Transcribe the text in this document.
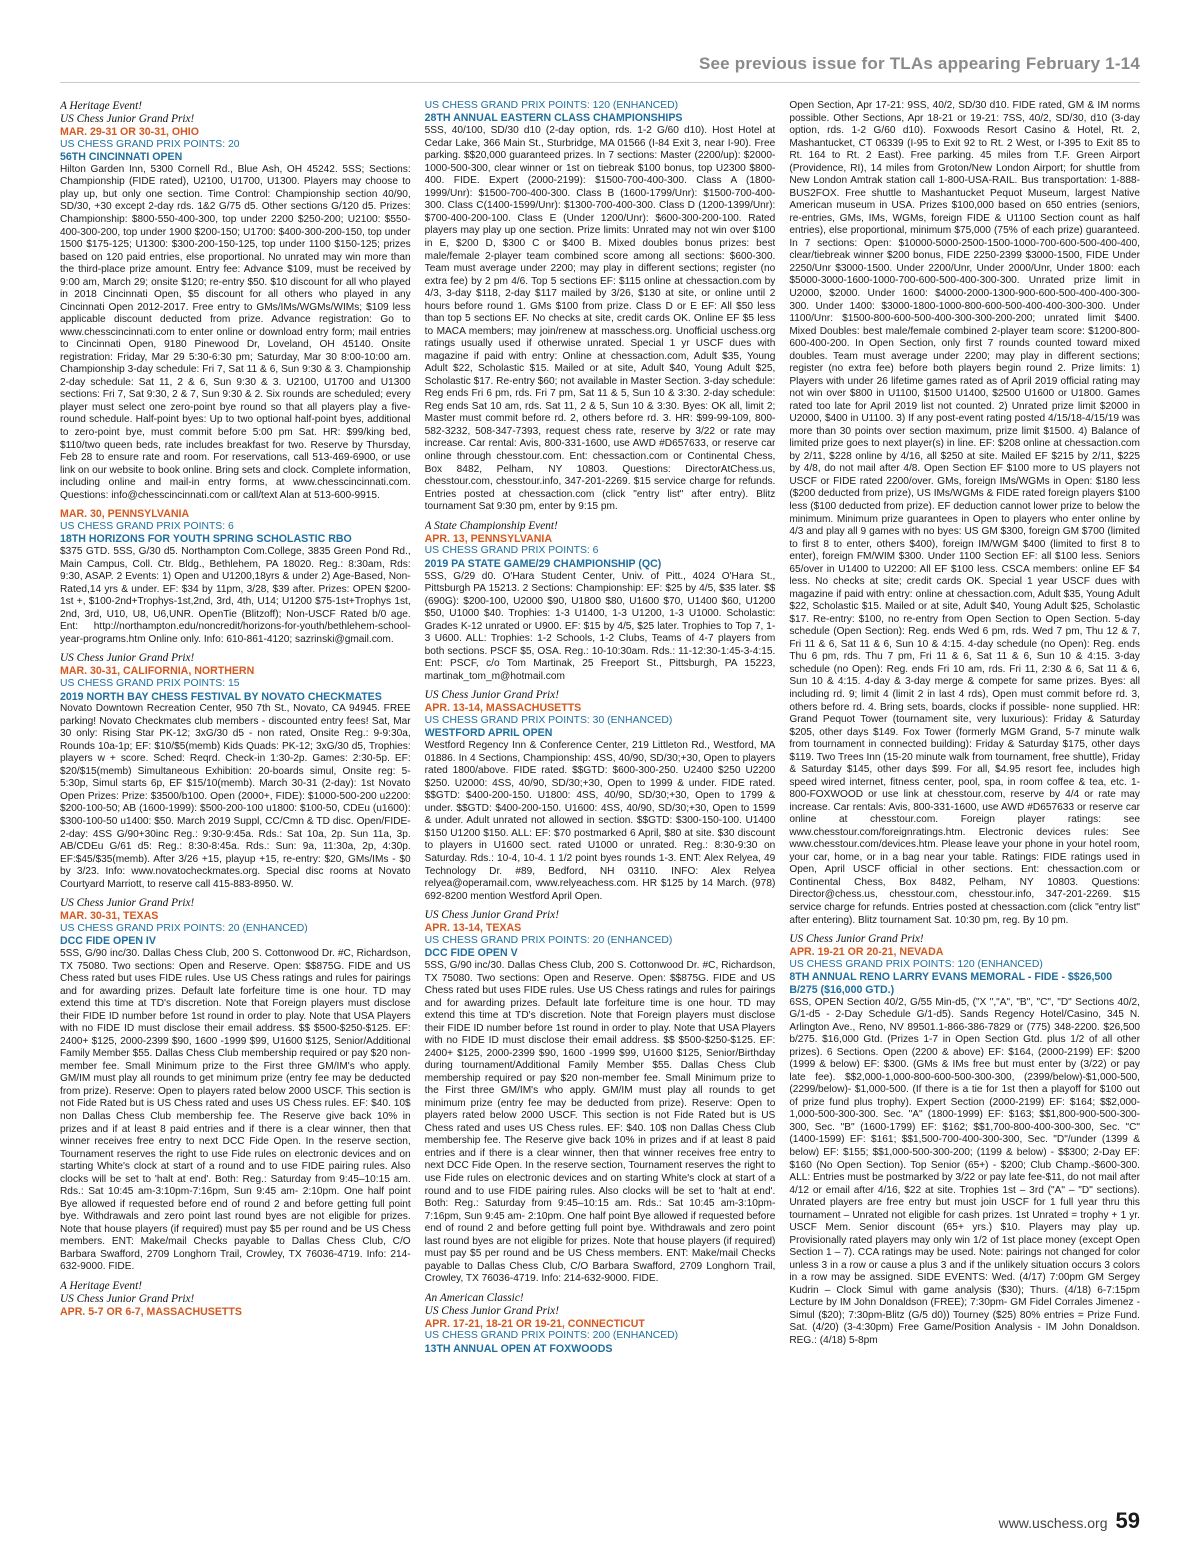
See previous issue for TLAs appearing February 1-14
A Heritage Event!
US Chess Junior Grand Prix!
MAR. 29-31 OR 30-31, OHIO
US CHESS GRAND PRIX POINTS: 20
56TH CINCINNATI OPEN
Hilton Garden Inn, 5300 Cornell Rd., Blue Ash, OH 45242. 5SS; Sections: Championship (FIDE rated), U2100, U1700, U1300. Players may choose to play up, but only one section. Time Control: Championship section 40/90, SD/30, +30 except 2-day rds. 1&2 G/75 d5. Other sections G/120 d5. Prizes: Championship: $800-550-400-300, top under 2200 $250-200; U2100: $550-400-300-200, top under 1900 $200-150; U1700: $400-300-200-150, top under 1500 $175-125; U1300: $300-200-150-125, top under 1100 $150-125; prizes based on 120 paid entries, else proportional. No unrated may win more than the third-place prize amount. Entry fee: Advance $109, must be received by 9:00 am, March 29; onsite $120; re-entry $50. $10 discount for all who played in 2018 Cincinnati Open, $5 discount for all others who played in any Cincinnati Open 2012-2017. Free entry to GMs/IMs/WGMs/WIMs; $109 less applicable discount deducted from prize. Advance registration: Go to www.chesscincinnati.com to enter online or download entry form; mail entries to Cincinnati Open, 9180 Pinewood Dr, Loveland, OH 45140. Onsite registration: Friday, Mar 29 5:30-6:30 pm; Saturday, Mar 30 8:00-10:00 am. Championship 3-day schedule: Fri 7, Sat 11 & 6, Sun 9:30 & 3. Championship 2-day schedule: Sat 11, 2 & 6, Sun 9:30 & 3. U2100, U1700 and U1300 sections: Fri 7, Sat 9:30, 2 & 7, Sun 9:30 & 2. Six rounds are scheduled; every player must select one zero-point bye round so that all players play a five-round schedule. Half-point byes: Up to two optional half-point byes, additional to zero-point bye, must commit before 5:00 pm Sat. HR: $99/king bed, $110/two queen beds, rate includes breakfast for two. Reserve by Thursday, Feb 28 to ensure rate and room. For reservations, call 513-469-6900, or use link on our website to book online. Bring sets and clock. Complete information, including online and mail-in entry forms, at www.chesscincinnati.com. Questions: info@chesscincinnati.com or call/text Alan at 513-600-9915.
MAR. 30, PENNSYLVANIA
US CHESS GRAND PRIX POINTS: 6
18TH HORIZONS FOR YOUTH SPRING SCHOLASTIC RBO
$375 GTD. 5SS, G/30 d5. Northampton Com.College, 3835 Green Pond Rd., Main Campus, Coll. Ctr. Bldg., Bethlehem, PA 18020. Reg.: 8:30am, Rds: 9:30, ASAP. 2 Events: 1) Open and U1200,18yrs & under 2) Age-Based, Non-Rated,14 yrs & under. EF: $34 by 11pm, 3/28, $39 after. Prizes: OPEN $200-1st +, $100-2nd+Trophys-1st,2nd, 3rd, 4th, U14; U1200 $75-1st+Trophys 1st, 2nd, 3rd, U10, U8, U6,UNR. OpenTie (Blitzoff); Non-USCF Rated b/0 age. Ent: http://northampton.edu/noncredit/horizons-for-youth/bethlehem-school-year-programs.htm Online only. Info: 610-861-4120; sazrinski@gmail.com.
US Chess Junior Grand Prix!
MAR. 30-31, CALIFORNIA, NORTHERN
US CHESS GRAND PRIX POINTS: 15
2019 NORTH BAY CHESS FESTIVAL BY NOVATO CHECKMATES
Novato Downtown Recreation Center, 950 7th St., Novato, CA 94945. FREE parking! Novato Checkmates club members - discounted entry fees! Sat, Mar 30 only: Rising Star PK-12; 3xG/30 d5 - non rated, Onsite Reg.: 9-9:30a, Rounds 10a-1p; EF: $10/$5(memb) Kids Quads: PK-12; 3xG/30 d5, Trophies: players w + score. Sched: Reqrd. Check-in 1:30-2p. Games: 2:30-5p. EF: $20/$15(memb) Simultaneous Exhibition: 20-boards simul, Onsite reg: 5-5:30p, Simul starts 6p, EF $15/10(memb). March 30-31 (2-day): 1st Novato Open Prizes: Prize: $3500/b100. Open (2000+, FIDE): $1000-500-200 u2200: $200-100-50; AB (1600-1999): $500-200-100 u1800: $100-50, CDEu (u1600): $300-100-50 u1400: $50. March 2019 Suppl, CC/Cmn & TD disc. Open/FIDE-2-day: 4SS G/90+30inc Reg.: 9:30-9:45a. Rds.: Sat 10a, 2p. Sun 11a, 3p. AB/CDEu G/61 d5: Reg.: 8:30-8:45a. Rds.: Sun: 9a, 11:30a, 2p, 4:30p. EF:$45/$35(memb). After 3/26 +15, playup +15, re-entry: $20, GMs/IMs - $0 by 3/23. Info: www.novatocheckmates.org. Special disc rooms at Novato Courtyard Marriott, to reserve call 415-883-8950. W.
US Chess Junior Grand Prix!
MAR. 30-31, TEXAS
US CHESS GRAND PRIX POINTS: 20 (ENHANCED)
DCC FIDE OPEN IV
5SS, G/90 inc/30. Dallas Chess Club, 200 S. Cottonwood Dr. #C, Richardson, TX 75080. Two sections: Open and Reserve. Open: $$875G. FIDE and US Chess rated but uses FIDE rules. Use US Chess ratings and rules for pairings and for awarding prizes. Default late forfeiture time is one hour. TD may extend this time at TD's discretion. Note that Foreign players must disclose their FIDE ID number before 1st round in order to play. Note that USA Players with no FIDE ID must disclose their email address. $$ $500-$250-$125. EF: 2400+ $125, 2000-2399 $90, 1600 -1999 $99, U1600 $125, Senior/Additional Family Member $55. Dallas Chess Club membership required or pay $20 non-member fee. Small Minimum prize to the First three GM/IM's who apply. GM/IM must play all rounds to get minimum prize (entry fee may be deducted from prize). Reserve: Open to players rated below 2000 USCF. This section is not Fide Rated but is US Chess rated and uses US Chess rules. EF: $40. 10$ non Dallas Chess Club membership fee. The Reserve give back 10% in prizes and if at least 8 paid entries and if there is a clear winner, then that winner receives free entry to next DCC Fide Open. In the reserve section, Tournament reserves the right to use Fide rules on electronic devices and on starting White's clock at start of a round and to use FIDE pairing rules. Also clocks will be set to 'halt at end'. Both: Reg.: Saturday from 9:45–10:15 am. Rds.: Sat 10:45 am-3:10pm-7:16pm, Sun 9:45 am- 2:10pm. One half point Bye allowed if requested before end of round 2 and before getting full point bye. Withdrawals and zero point last round byes are not eligible for prizes. Note that house players (if required) must pay $5 per round and be US Chess members. ENT: Make/mail Checks payable to Dallas Chess Club, C/O Barbara Swafford, 2709 Longhorn Trail, Crowley, TX 76036-4719. Info: 214-632-9000. FIDE.
A Heritage Event!
US Chess Junior Grand Prix!
APR. 5-7 OR 6-7, MASSACHUSETTS
US CHESS GRAND PRIX POINTS: 120 (ENHANCED)
28TH ANNUAL EASTERN CLASS CHAMPIONSHIPS
5SS, 40/100, SD/30 d10 (2-day option, rds. 1-2 G/60 d10). Host Hotel at Cedar Lake, 366 Main St., Sturbridge, MA 01566 (I-84 Exit 3, near I-90). Free parking. $$20,000 guaranteed prizes. In 7 sections: Master (2200/up): $2000-1000-500-300, clear winner or 1st on tiebreak $100 bonus, top U2300 $800-400. FIDE. Expert (2000-2199): $1500-700-400-300. Class A (1800-1999/Unr): $1500-700-400-300. Class B (1600-1799/Unr): $1500-700-400-300. Class C(1400-1599/Unr): $1300-700-400-300. Class D (1200-1399/Unr): $700-400-200-100. Class E (Under 1200/Unr): $600-300-200-100. Rated players may play up one section. Prize limits: Unrated may not win over $100 in E, $200 D, $300 C or $400 B. Mixed doubles bonus prizes: best male/female 2-player team combined score among all sections: $600-300. Team must average under 2200; may play in different sections; register (no extra fee) by 2 pm 4/6. Top 5 sections EF: $115 online at chessaction.com by 4/3, 3-day $118, 2-day $117 mailed by 3/26, $130 at site, or online until 2 hours before round 1. GMs $100 from prize. Class D or E EF: All $50 less than top 5 sections EF. No checks at site, credit cards OK. Online EF $5 less to MACA members; may join/renew at masschess.org. Unofficial uschess.org ratings usually used if otherwise unrated. Special 1 yr USCF dues with magazine if paid with entry: Online at chessaction.com, Adult $35, Young Adult $22, Scholastic $15. Mailed or at site, Adult $40, Young Adult $25, Scholastic $17. Re-entry $60; not available in Master Section. 3-day schedule: Reg ends Fri 6 pm, rds. Fri 7 pm, Sat 11 & 5, Sun 10 & 3:30. 2-day schedule: Reg ends Sat 10 am, rds. Sat 11, 2 & 5, Sun 10 & 3:30. Byes: OK all, limit 2; Master must commit before rd. 2, others before rd. 3. HR: $99-99-109, 800-582-3232, 508-347-7393, request chess rate, reserve by 3/22 or rate may increase. Car rental: Avis, 800-331-1600, use AWD #D657633, or reserve car online through chesstour.com. Ent: chessaction.com or Continental Chess, Box 8482, Pelham, NY 10803. Questions: DirectorAtChess.us, chesstour.com, chesstour.info, 347-201-2269. $15 service charge for refunds. Entries posted at chessaction.com (click "entry list" after entry). Blitz tournament Sat 9:30 pm, enter by 9:15 pm.
A State Championship Event!
APR. 13, PENNSYLVANIA
US CHESS GRAND PRIX POINTS: 6
2019 PA STATE GAME/29 CHAMPIONSHIP (QC)
5SS, G/29 d0. O'Hara Student Center, Univ. of Pitt., 4024 O'Hara St., Pittsburgh PA 15213. 2 Sections: Championship: EF: $25 by 4/5, $35 later. $$ (690G): $200-100, U2000 $90, U1800 $80, U1600 $70, U1400 $60, U1200 $50, U1000 $40. Trophies: 1-3 U1400, 1-3 U1200, 1-3 U1000. Scholastic: Grades K-12 unrated or U900. EF: $15 by 4/5, $25 later. Trophies to Top 7, 1-3 U600. ALL: Trophies: 1-2 Schools, 1-2 Clubs, Teams of 4-7 players from both sections. PSCF $5, OSA. Reg.: 10-10:30am. Rds.: 11-12:30-1:45-3-4:15. Ent: PSCF, c/o Tom Martinak, 25 Freeport St., Pittsburgh, PA 15223, martinak_tom_m@hotmail.com
US Chess Junior Grand Prix!
APR. 13-14, MASSACHUSETTS
US CHESS GRAND PRIX POINTS: 30 (ENHANCED)
WESTFORD APRIL OPEN
Westford Regency Inn & Conference Center, 219 Littleton Rd., Westford, MA 01886. In 4 Sections, Championship: 4SS, 40/90, SD/30;+30, Open to players rated 1800/above. FIDE rated. $$GTD: $600-300-250. U2400 $250 U2200 $250. U2000: 4SS, 40/90, SD/30;+30, Open to 1999 & under. FIDE rated. $$GTD: $400-200-150. U1800: 4SS, 40/90, SD/30;+30, Open to 1799 & under. $$GTD: $400-200-150. U1600: 4SS, 40/90, SD/30;+30, Open to 1599 & under. Adult unrated not allowed in section. $$GTD: $300-150-100. U1400 $150 U1200 $150. ALL: EF: $70 postmarked 6 April, $80 at site. $30 discount to players in U1600 sect. rated U1000 or unrated. Reg.: 8:30-9:30 on Saturday. Rds.: 10-4, 10-4. 1 1/2 point byes rounds 1-3. ENT: Alex Relyea, 49 Technology Dr. #89, Bedford, NH 03110. INFO: Alex Relyea relyea@operamail.com, www.relyeachess.com. HR $125 by 14 March. (978) 692-8200 mention Westford April Open.
US Chess Junior Grand Prix!
APR. 13-14, TEXAS
US CHESS GRAND PRIX POINTS: 20 (ENHANCED)
DCC FIDE OPEN V
5SS, G/90 inc/30. Dallas Chess Club, 200 S. Cottonwood Dr. #C, Richardson, TX 75080. Two sections: Open and Reserve. Open: $$875G. FIDE and US Chess rated but uses FIDE rules. Use US Chess ratings and rules for pairings and for awarding prizes. Default late forfeiture time is one hour. TD may extend this time at TD's discretion. Note that Foreign players must disclose their FIDE ID number before 1st round in order to play. Note that USA Players with no FIDE ID must disclose their email address. $$ $500-$250-$125. EF: 2400+ $125, 2000-2399 $90, 1600 -1999 $99, U1600 $125, Senior/Birthday during tournament/Additional Family Member $55. Dallas Chess Club membership required or pay $20 non-member fee. Small Minimum prize to the First three GM/IM's who apply. GM/IM must play all rounds to get minimum prize (entry fee may be deducted from prize). Reserve: Open to players rated below 2000 USCF. This section is not Fide Rated but is US Chess rated and uses US Chess rules. EF: $40. 10$ non Dallas Chess Club membership fee. The Reserve give back 10% in prizes and if at least 8 paid entries and if there is a clear winner, then that winner receives free entry to next DCC Fide Open. In the reserve section, Tournament reserves the right to use Fide rules on electronic devices and on starting White's clock at start of a round and to use FIDE pairing rules. Also clocks will be set to 'halt at end'. Both: Reg.: Saturday from 9:45–10:15 am. Rds.: Sat 10:45 am-3:10pm-7:16pm, Sun 9:45 am- 2:10pm. One half point Bye allowed if requested before end of round 2 and before getting full point bye. Withdrawals and zero point last round byes are not eligible for prizes. Note that house players (if required) must pay $5 per round and be US Chess members. ENT: Make/mail Checks payable to Dallas Chess Club, C/O Barbara Swafford, 2709 Longhorn Trail, Crowley, TX 76036-4719. Info: 214-632-9000. FIDE.
An American Classic!
US Chess Junior Grand Prix!
APR. 17-21, 18-21 OR 19-21, CONNECTICUT
US CHESS GRAND PRIX POINTS: 200 (ENHANCED)
13TH ANNUAL OPEN AT FOXWOODS
Open Section, Apr 17-21: 9SS, 40/2, SD/30 d10. FIDE rated, GM & IM norms possible. Other Sections, Apr 18-21 or 19-21: 7SS, 40/2, SD/30, d10 (3-day option, rds. 1-2 G/60 d10). Foxwoods Resort Casino & Hotel, Rt. 2, Mashantucket, CT 06339 (I-95 to Exit 92 to Rt. 2 West, or I-395 to Exit 85 to Rt. 164 to Rt. 2 East). Free parking. 45 miles from T.F. Green Airport (Providence, RI), 14 miles from Groton/New London Airport; for shuttle from New London Amtrak station call 1-800-USA-RAIL. Bus transportation: 1-888-BUS2FOX. Free shuttle to Mashantucket Pequot Museum, largest Native American museum in USA. Prizes $100,000 based on 650 entries (seniors, re-entries, GMs, IMs, WGMs, foreign FIDE & U1100 Section count as half entries), else proportional, minimum $75,000 (75% of each prize) guaranteed. In 7 sections: Open: $10000-5000-2500-1500-1000-700-600-500-400-400, clear/tiebreak winner $200 bonus, FIDE 2250-2399 $3000-1500, FIDE Under 2250/Unr $3000-1500. Under 2200/Unr, Under 2000/Unr, Under 1800: each $5000-3000-1600-1000-700-600-500-400-300-300. Unrated prize limit in U2000, $2000. Under 1600: $4000-2000-1300-900-600-500-400-400-300-300. Under 1400: $3000-1800-1000-800-600-500-400-400-300-300. Under 1100/Unr: $1500-800-600-500-400-300-300-200-200; unrated limit $400. Mixed Doubles: best male/female combined 2-player team score: $1200-800-600-400-200. In Open Section, only first 7 rounds counted toward mixed doubles. Team must average under 2200; may play in different sections; register (no extra fee) before both players begin round 2. Prize limits: 1) Players with under 26 lifetime games rated as of April 2019 official rating may not win over $800 in U1100, $1500 U1400, $2500 U1600 or U1800. Games rated too late for April 2019 list not counted. 2) Unrated prize limit $2000 in U2000, $400 in U1100. 3) If any post-event rating posted 4/15/18-4/15/19 was more than 30 points over section maximum, prize limit $1500. 4) Balance of limited prize goes to next player(s) in line. EF: $208 online at chessaction.com by 2/11, $228 online by 4/16, all $250 at site. Mailed EF $215 by 2/11, $225 by 4/8, do not mail after 4/8. Open Section EF $100 more to US players not USCF or FIDE rated 2200/over. GMs, foreign IMs/WGMs in Open: $180 less ($200 deducted from prize), US IMs/WGMs & FIDE rated foreign players $100 less ($100 deducted from prize). EF deduction cannot lower prize to below the minimum. Minimum prize guarantees in Open to players who enter online by 4/3 and play all 9 games with no byes: US GM $300, foreign GM $700 (limited to first 8 to enter, others $400), foreign IM/WGM $400 (limited to first 8 to enter), foreign FM/WIM $300. Under 1100 Section EF: all $100 less. Seniors 65/over in U1400 to U2200: All EF $100 less. CSCA members: online EF $4 less. No checks at site; credit cards OK. Special 1 year USCF dues with magazine if paid with entry: online at chessaction.com, Adult $35, Young Adult $22, Scholastic $15. Mailed or at site, Adult $40, Young Adult $25, Scholastic $17. Re-entry: $100, no re-entry from Open Section to Open Section. 5-day schedule (Open Section): Reg. ends Wed 6 pm, rds. Wed 7 pm, Thu 12 & 7, Fri 11 & 6, Sat 11 & 6, Sun 10 & 4:15. 4-day schedule (no Open): Reg. ends Thu 6 pm, rds. Thu 7 pm, Fri 11 & 6, Sat 11 & 6, Sun 10 & 4:15. 3-day schedule (no Open): Reg. ends Fri 10 am, rds. Fri 11, 2:30 & 6, Sat 11 & 6, Sun 10 & 4:15. 4-day & 3-day merge & compete for same prizes. Byes: all including rd. 9; limit 4 (limit 2 in last 4 rds), Open must commit before rd. 3, others before rd. 4. Bring sets, boards, clocks if possible- none supplied. HR: Grand Pequot Tower (tournament site, very luxurious): Friday & Saturday $205, other days $149. Fox Tower (formerly MGM Grand, 5-7 minute walk from tournament in connected building): Friday & Saturday $175, other days $119. Two Trees Inn (15-20 minute walk from tournament, free shuttle), Friday & Saturday $145, other days $99. For all, $4.95 resort fee, includes high speed wired internet, fitness center, pool, spa, in room coffee & tea, etc. 1-800-FOXWOOD or use link at chesstour.com, reserve by 4/4 or rate may increase. Car rentals: Avis, 800-331-1600, use AWD #D657633 or reserve car online at chesstour.com. Foreign player ratings: see www.chesstour.com/foreignratings.htm. Electronic devices rules: See www.chesstour.com/devices.htm. Please leave your phone in your hotel room, your car, home, or in a bag near your table. Ratings: FIDE ratings used in Open, April USCF official in other sections. Ent: chessaction.com or Continental Chess, Box 8482, Pelham, NY 10803. Questions: Director@chess.us, chesstour.com, chesstour.info, 347-201-2269. $15 service charge for refunds. Entries posted at chessaction.com (click "entry list" after entering). Blitz tournament Sat. 10:30 pm, reg. By 10 pm.
US Chess Junior Grand Prix!
APR. 19-21 OR 20-21, NEVADA
US CHESS GRAND PRIX POINTS: 120 (ENHANCED)
8TH ANNUAL RENO LARRY EVANS MEMORAL - FIDE - $$26,500 B/275 ($16,000 GTD.)
6SS, OPEN Section 40/2, G/55 Min-d5, ("X ","A", "B", "C", "D" Sections 40/2, G/1-d5 - 2-Day Schedule G/1-d5). Sands Regency Hotel/Casino, 345 N. Arlington Ave., Reno, NV 89501.1-866-386-7829 or (775) 348-2200. $26,500 b/275. $16,000 Gtd. (Prizes 1-7 in Open Section Gtd. plus 1/2 of all other prizes). 6 Sections. Open (2200 & above) EF: $164, (2000-2199) EF: $200 (1999 & below) EF: $300. (GMs & IMs free but must enter by (3/22) or pay late fee). $$2,000-1,000-800-600-500-300-300, (2399/below)-$1,000-500, (2299/below)- $1,000-500. (If there is a tie for 1st then a playoff for $100 out of prize fund plus trophy). Expert Section (2000-2199) EF: $164; $$2,000-1,000-500-300-300. Sec. "A" (1800-1999) EF: $163; $$1,800-900-500-300-300, Sec. "B" (1600-1799) EF: $162; $$1,700-800-400-300-300, Sec. "C" (1400-1599) EF: $161; $$1,500-700-400-300-300, Sec. "D"/under (1399 & below) EF: $155; $$1,000-500-300-200; (1199 & below) - $$300; 2-Day EF: $160 (No Open Section). Top Senior (65+) - $200; Club Champ.-$600-300. ALL: Entries must be postmarked by 3/22 or pay late fee-$11, do not mail after 4/12 or email after 4/16, $22 at site. Trophies 1st – 3rd ("A" – "D" sections). Unrated players are free entry but must join USCF for 1 full year thru this tournament – Unrated not eligible for cash prizes. 1st Unrated = trophy + 1 yr. USCF Mem. Senior discount (65+ yrs.) $10. Players may play up. Provisionally rated players may only win 1/2 of 1st place money (except Open Section 1 – 7). CCA ratings may be used. Note: pairings not changed for color unless 3 in a row or cause a plus 3 and if the unlikely situation occurs 3 colors in a row may be assigned. SIDE EVENTS: Wed. (4/17) 7:00pm GM Sergey Kudrin – Clock Simul with game analysis ($30); Thurs. (4/18) 6-7:15pm Lecture by IM John Donaldson (FREE); 7:30pm- GM Fidel Corrales Jimenez - Simul ($20); 7:30pm-Blitz (G/5 d0)) Tourney ($25) 80% entries = Prize Fund. Sat. (4/20) (3-4:30pm) Free Game/Position Analysis - IM John Donaldson. REG.: (4/18) 5-8pm
www.uschess.org 59
